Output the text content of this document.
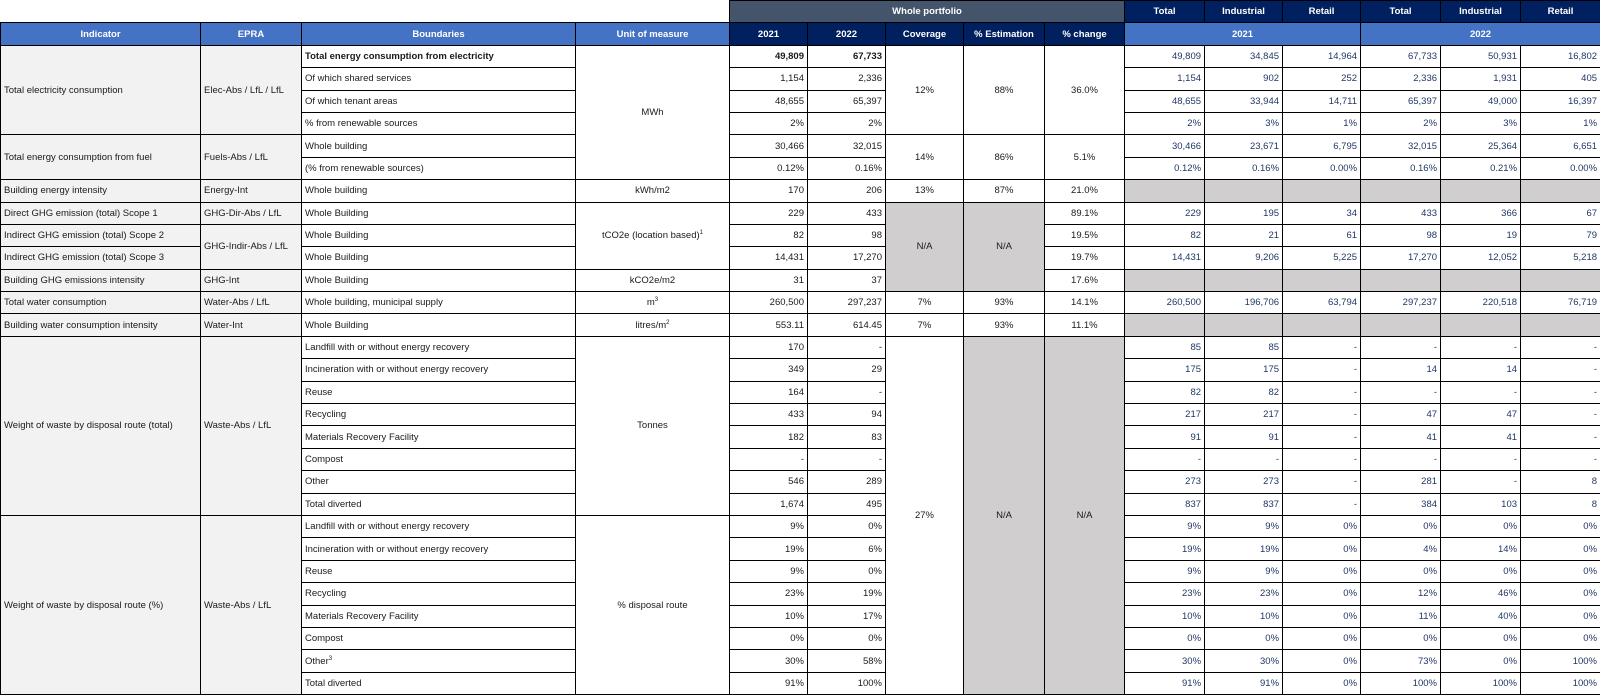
				Whole portfolio					Total	Industrial	Retail	Total	Industrial	Retail
Indicator	EPRA	Boundaries	Unit of measure	2021	2022	Coverage	% Estimation	% change	2021			2022		
Total electricity consumption	Elec-Abs / LfL / LfL	Total energy consumption from electricity	MWh	49,809	67,733	12%	88%	36.0%	49,809	34,845	14,964	67,733	50,931	16,802
		Of which shared services		1,154	2,336				1,154	902	252	2,336	1,931	405
		Of which tenant areas		48,655	65,397				48,655	33,944	14,711	65,397	49,000	16,397
		% from renewable sources		2%	2%				2%	3%	1%	2%	3%	1%
Total energy consumption from fuel	Fuels-Abs / LfL	Whole building		30,466	32,015	14%	86%	5.1%	30,466	23,671	6,795	32,015	25,364	6,651
		(% from renewable sources)		0.12%	0.16%				0.12%	0.16%	0.00%	0.16%	0.21%	0.00%
Building energy intensity	Energy-Int	Whole building	kWh/m2	170	206	13%	87%	21.0%						
Direct GHG emission (total) Scope 1	GHG-Dir-Abs / LfL	Whole Building	tCO2e (location based)$^1$	229	433	N/A	N/A	89.1%	229	195	34	433	366	67
Indirect GHG emission (total) Scope 2	GHG-Indir-Abs / LfL	Whole Building		82	98			19.5%	82	21	61	98	19	79
Indirect GHG emission (total) Scope 3		Whole Building		14,431	17,270			19.7%	14,431	9,206	5,225	17,270	12,052	5,218
Building GHG emissions intensity	GHG-Int	Whole Building	kCO2e/m2	31	37			17.6%						
Total water consumption	Water-Abs / LfL	Whole building, municipal supply	$m^3$	260,500	297,237	7%	93%	14.1%	260,500	196,706	63,794	297,237	220,518	76,719
Building water consumption intensity	Water-Int	Whole Building	litres/$m^2$	553.11	614.45	7%	93%	11.1%						
Weight of waste by disposal route (total)	Waste-Abs / LfL	Landfill with or without energy recovery	Tonnes	170	-	27%	N/A	N/A	85	85	-	-	-	-
		Incineration with or without energy recovery		349	29				175	175	-	14	14	-
		Reuse		164	-				82	82	-	-	-	-
		Recycling		433	94				217	217	-	47	47	-
		Materials Recovery Facility		182	83				91	91	-	41	41	-
		Compost		-	-				-	-	-	-	-	-
		Other		546	289				273	273	-	281	-	8
		Total diverted		1,674	495				837	837	-	384	103	8
Weight of waste by disposal route (%)	Waste-Abs / LfL	Landfill with or without energy recovery	% disposal route	9%	0%				9%	9%	0%	0%	0%	0%
		Incineration with or without energy recovery		19%	6%				19%	19%	0%	4%	14%	0%
		Reuse		9%	0%				9%	9%	0%	0%	0%	0%
		Recycling		23%	19%				23%	23%	0%	12%	46%	0%
		Materials Recovery Facility		10%	17%				10%	10%	0%	11%	40%	0%
		Compost		0%	0%				0%	0%	0%	0%	0%	0%
		Other$^3$		30%	58%				30%	30%	0%	73%	0%	100%
		Total diverted		91%	100%				91%	91%	0%	100%	100%	100%
